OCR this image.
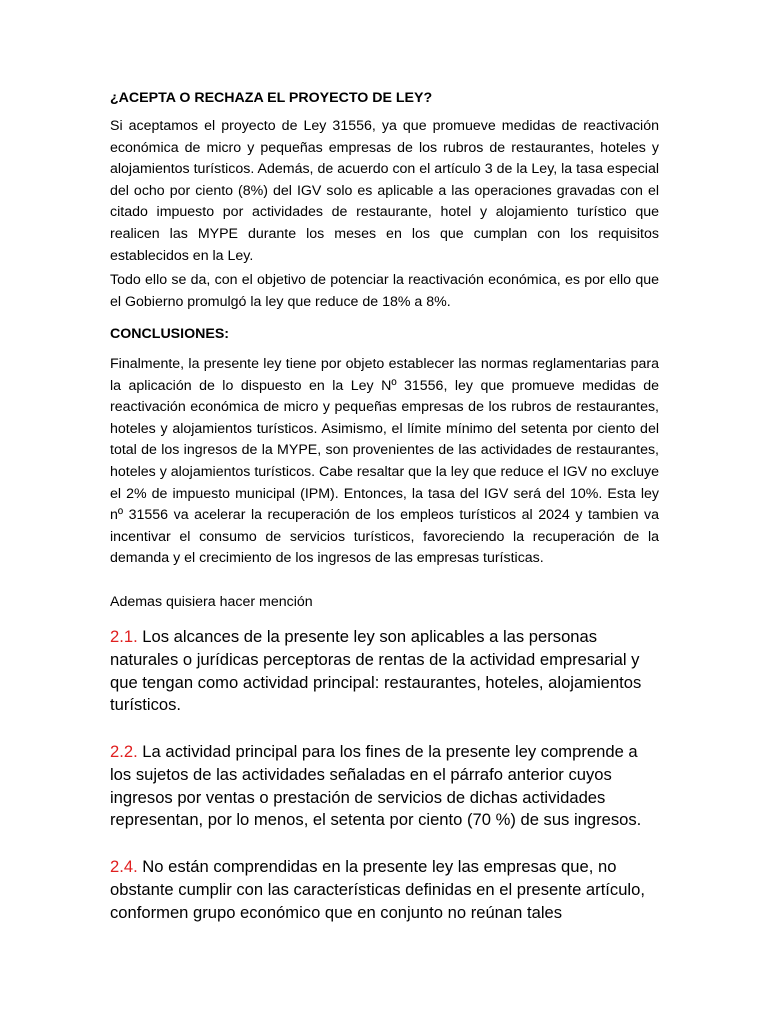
¿ACEPTA O RECHAZA EL PROYECTO DE LEY?

Si aceptamos el proyecto de Ley 31556, ya que promueve medidas de reactivación económica de micro y pequeñas empresas de los rubros de restaurantes, hoteles y alojamientos turísticos. Además, de acuerdo con el artículo 3 de la Ley, la tasa especial del ocho por ciento (8%) del IGV solo es aplicable a las operaciones gravadas con el citado impuesto por actividades de restaurante, hotel y alojamiento turístico que realicen las MYPE durante los meses en los que cumplan con los requisitos establecidos en la Ley.

Todo ello se da, con el objetivo de potenciar la reactivación económica, es por ello que el Gobierno promulgó la ley que reduce de 18% a 8%.

CONCLUSIONES:

Finalmente, la presente ley tiene por objeto establecer las normas reglamentarias para la aplicación de lo dispuesto en la Ley Nº 31556, ley que promueve medidas de reactivación económica de micro y pequeñas empresas de los rubros de restaurantes, hoteles y alojamientos turísticos. Asimismo, el límite mínimo del setenta por ciento del total de los ingresos de la MYPE, son provenientes de las actividades de restaurantes, hoteles y alojamientos turísticos. Cabe resaltar que la ley que reduce el IGV no excluye el 2% de impuesto municipal (IPM). Entonces, la tasa del IGV será del 10%. Esta ley nº 31556 va acelerar la recuperación de los empleos turísticos al 2024 y tambien va incentivar el consumo de servicios turísticos, favoreciendo la recuperación de la demanda y el crecimiento de los ingresos de las empresas turísticas.

Ademas quisiera hacer mención

2.1. Los alcances de la presente ley son aplicables a las personas naturales o jurídicas perceptoras de rentas de la actividad empresarial y que tengan como actividad principal: restaurantes, hoteles, alojamientos turísticos.

2.2. La actividad principal para los fines de la presente ley comprende a los sujetos de las actividades señaladas en el párrafo anterior cuyos ingresos por ventas o prestación de servicios de dichas actividades representan, por lo menos, el setenta por ciento (70 %) de sus ingresos.

2.4. No están comprendidas en la presente ley las empresas que, no obstante cumplir con las características definidas en el presente artículo, conformen grupo económico que en conjunto no reúnan tales
